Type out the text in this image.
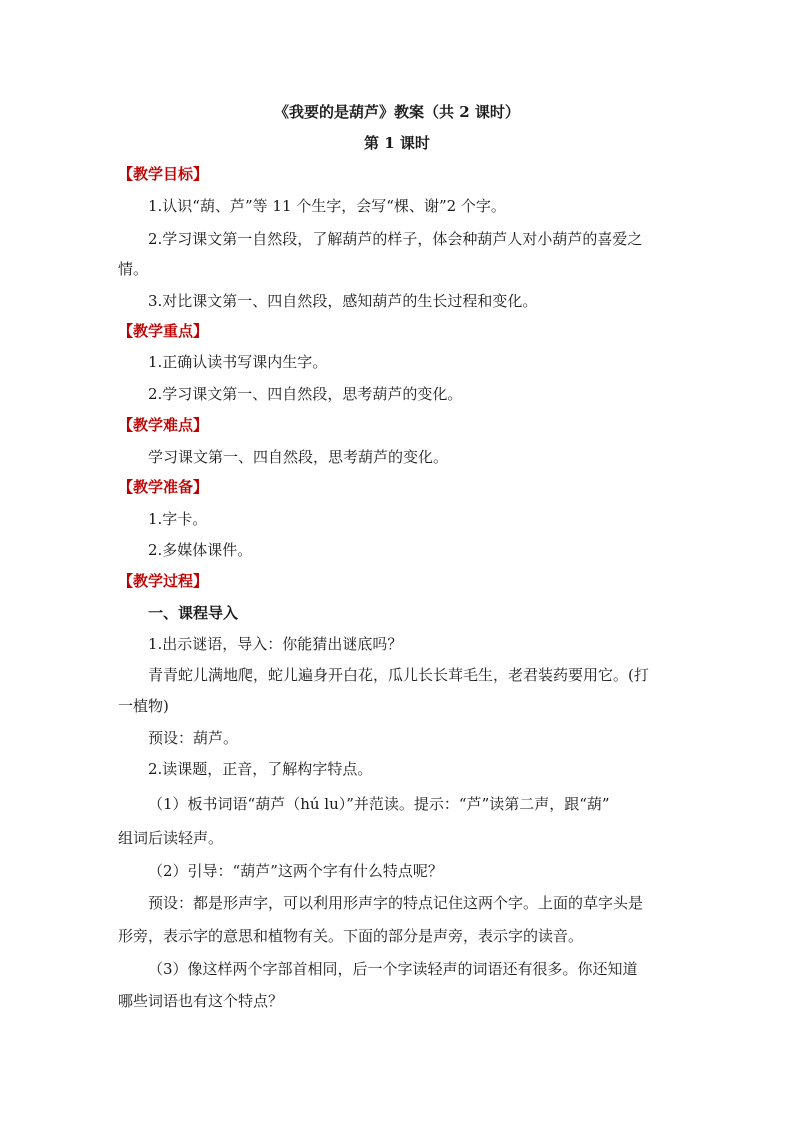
《我要的是葫芦》教案（共 2 课时）
第 1 课时
【教学目标】
1.认识“葫、芦”等 11 个生字，会写“棵、谢”2 个字。
2.学习课文第一自然段，了解葫芦的样子，体会种葫芦人对小葫芦的喜爱之
情。
3.对比课文第一、四自然段，感知葫芦的生长过程和变化。
【教学重点】
1.正确认读书写课内生字。
2.学习课文第一、四自然段，思考葫芦的变化。
【教学难点】
学习课文第一、四自然段，思考葫芦的变化。
【教学准备】
1.字卡。
2.多媒体课件。
【教学过程】
一、课程导入
1.出示谜语，导入：你能猜出谜底吗？
青青蛇儿满地爬，蛇儿遍身开白花，瓜儿长长茸毛生，老君装药要用它。(打
一植物)
预设：葫芦。
2.读课题，正音，了解构字特点。
（1）板书词语“葫芦（hú lu）”并范读。提示：“芦”读第二声，跟“葫”
组词后读轻声。
（2）引导：“葫芦”这两个字有什么特点呢？
预设：都是形声字，可以利用形声字的特点记住这两个字。上面的草字头是
形旁，表示字的意思和植物有关。下面的部分是声旁，表示字的读音。
（3）像这样两个字部首相同，后一个字读轻声的词语还有很多。你还知道
哪些词语也有这个特点？
